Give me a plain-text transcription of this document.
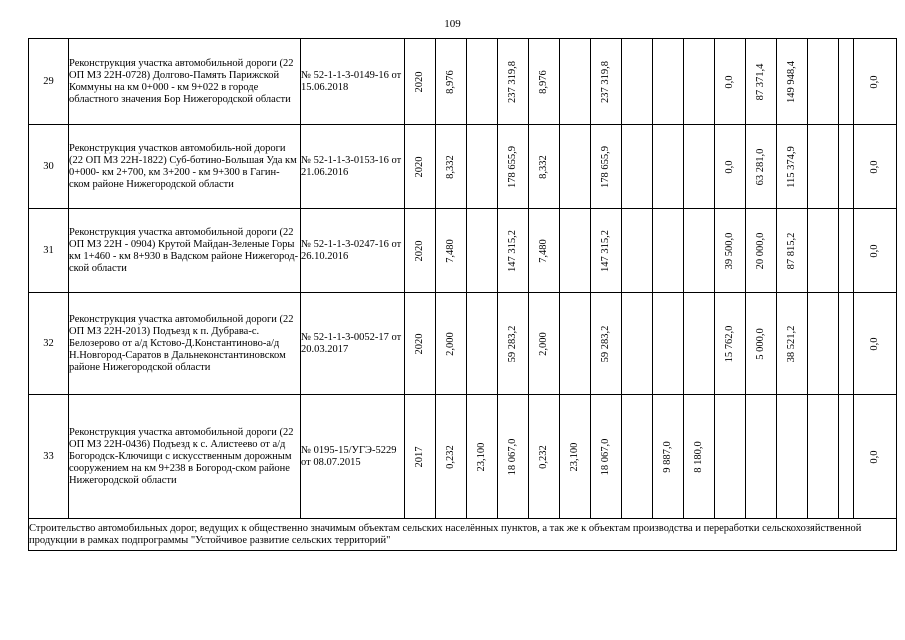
109
29	Реконструкция участка автомобильной дороги (22 ОП МЗ 22Н-0728) Долгово-Память Парижской Коммуны на км 0+000 - км 9+022 в городе областного значения Бор Нижегородской области	№ 52-1-1-3-0149-16 от 15.06.2018	2020	8,976		237 319,8	8,976		237 319,8				0,0	87 371,4	149 948,4			0,0

30	Реконструкция участков автомобиль-ной дороги (22 ОП МЗ 22Н-1822) Суб-ботино-Большая Уда км 0+000- км 2+700, км 3+200 - км 9+300 в Гагин-ском районе Нижегородской области	№ 52-1-1-3-0153-16 от 21.06.2016	2020	8,332		178 655,9	8,332		178 655,9				0,0	63 281,0	115 374,9			0,0

31	Реконструкция участка автомобильной дороги (22 ОП МЗ 22Н - 0904) Крутой Майдан-Зеленые Горы км 1+460 - км 8+930 в Вадском районе Нижегород-ской области	№ 52-1-1-3-0247-16 от 26.10.2016	2020	7,480		147 315,2	7,480		147 315,2				39 500,0	20 000,0	87 815,2			0,0

32	Реконструкция участка автомобильной дороги (22 ОП МЗ 22Н-2013) Подъезд к п. Дубрава-с. Белозерово от а/д Кстово-Д.Константиново-а/д Н.Новгород-Саратов в Дальнеконстантиновском районе Нижегородской области	№ 52-1-1-3-0052-17 от 20.03.2017	2020	2,000		59 283,2	2,000		59 283,2				15 762,0	5 000,0	38 521,2			0,0

33	Реконструкция участка автомобильной дороги (22 ОП МЗ 22Н-0436) Подъезд к с. Алистеево от а/д Богородск-Ключищи с искусственным дорожным сооружением на км 9+238 в Богород-ском районе Нижегородской области	№ 0195-15/УГЭ-5229 от 08.07.2015	2017	0,232	23,100	18 067,0	0,232	23,100	18 067,0		9 887,0	8 180,0						0,0

Строительство автомобильных дорог, ведущих к общественно значимым объектам сельских населённых пунктов, а так же к объектам производства и переработки сельскохозяйственной продукции в рамках подпрограммы "Устойчивое развитие сельских территорий"																		
